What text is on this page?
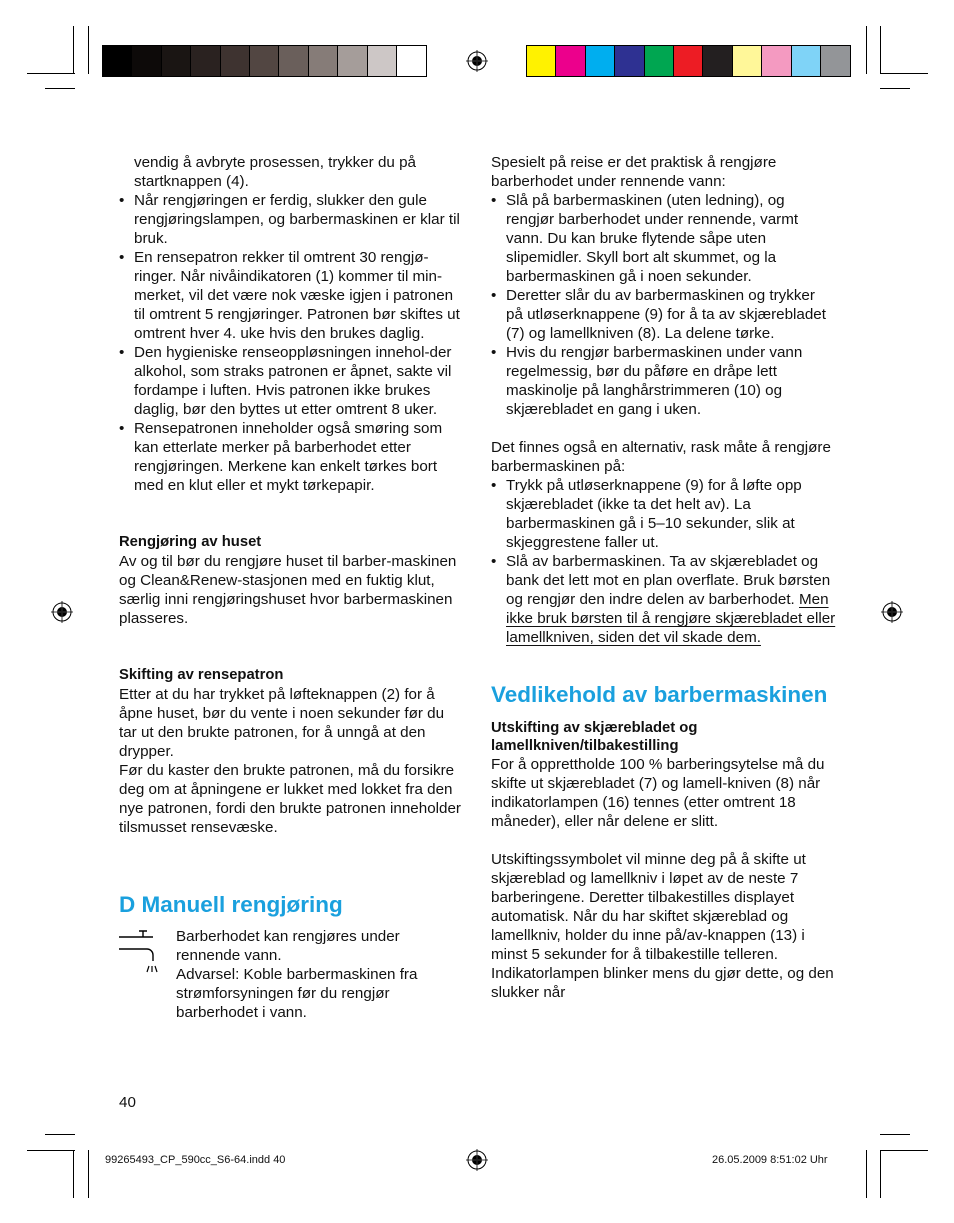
vendig å avbryte prosessen, trykker du på startknappen (4).

• Når rengjøringen er ferdig, slukker den gule rengjøringslampen, og barbermaskinen er klar til bruk.

• En rensepatron rekker til omtrent 30 rengjø-ringer. Når nivåindikatoren (1) kommer til min-merket, vil det være nok væske igjen i patronen til omtrent 5 rengjøringer. Patronen bør skiftes ut omtrent hver 4. uke hvis den brukes daglig.

• Den hygieniske renseoppløsningen innehol-der alkohol, som straks patronen er åpnet, sakte vil fordampe i luften. Hvis patronen ikke brukes daglig, bør den byttes ut etter omtrent 8 uker.

• Rensepatronen inneholder også smøring som kan etterlate merker på barberhodet etter rengjøringen. Merkene kan enkelt tørkes bort med en klut eller et mykt tørkepapir.

Rengjøring av huset

Av og til bør du rengjøre huset til barber-maskinen og Clean&Renew-stasjonen med en fuktig klut, særlig inni rengjøringshuset hvor barbermaskinen plasseres.

Skifting av rensepatron

Etter at du har trykket på løfteknappen (2) for å åpne huset, bør du vente i noen sekunder før du tar ut den brukte patronen, for å unngå at den drypper.

Før du kaster den brukte patronen, må du forsikre deg om at åpningene er lukket med lokket fra den nye patronen, fordi den brukte patronen inneholder tilsmusset rensevæske.

D Manuell rengjøring

Barberhodet kan rengjøres under rennende vann.

Advarsel: Koble barbermaskinen fra strømforsyningen før du rengjør barberhodet i vann.

Spesielt på reise er det praktisk å rengjøre barberhodet under rennende vann:

• Slå på barbermaskinen (uten ledning), og rengjør barberhodet under rennende, varmt vann. Du kan bruke flytende såpe uten slipemidler. Skyll bort alt skummet, og la barbermaskinen gå i noen sekunder.

• Deretter slår du av barbermaskinen og trykker på utløserknappene (9) for å ta av skjærebladet (7) og lamellkniven (8). La delene tørke.

• Hvis du rengjør barbermaskinen under vann regelmessig, bør du påføre en dråpe lett maskinolje på langhårstrimmeren (10) og skjærebladet en gang i uken.

Det finnes også en alternativ, rask måte å rengjøre barbermaskinen på:

• Trykk på utløserknappene (9) for å løfte opp skjærebladet (ikke ta det helt av). La barbermaskinen gå i 5–10 sekunder, slik at skjeggrestene faller ut.

• Slå av barbermaskinen. Ta av skjærebladet og bank det lett mot en plan overflate. Bruk børsten og rengjør den indre delen av barberhodet. Men ikke bruk børsten til å rengjøre skjærebladet eller lamellkniven, siden det vil skade dem.

Vedlikehold av barbermaskinen

Utskifting av skjærebladet og lamellkniven/tilbakestilling

For å opprettholde 100 % barberingsytelse må du skifte ut skjærebladet (7) og lamell-kniven (8) når indikatorlampen (16) tennes (etter omtrent 18 måneder), eller når delene er slitt.

Utskiftingssymbolet vil minne deg på å skifte ut skjæreblad og lamellkniv i løpet av de neste 7 barberingene. Deretter tilbakestilles displayet automatisk. Når du har skiftet skjæreblad og lamellkniv, holder du inne på/av-knappen (13) i minst 5 sekunder for å tilbakestille telleren. Indikatorlampen blinker mens du gjør dette, og den slukker når

40
99265493_CP_590cc_S6-64.indd 40	26.05.2009 8:51:02 Uhr
